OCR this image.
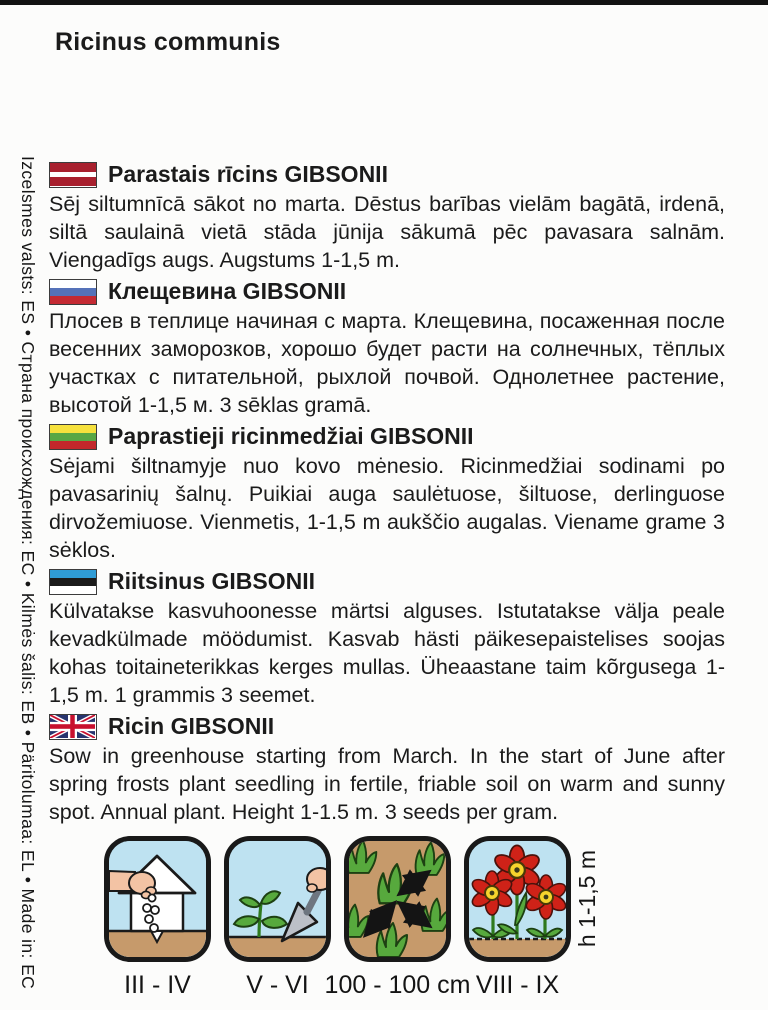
Ricinus communis
Izcelsmes valsts: ES • Страна происхождения: EC • Kilmės šalis: EB • Päritolumaa: EL • Made in: EC	Parastais rīcins GIBSONII

Sēj siltumnīcā sākot no marta. Dēstus barības vielām bagātā, irdenā, siltā saulainā vietā stāda jūnija sākumā pēc pavasara salnām. Viengadīgs augs. Augstums 1-1,5 m.

Клещевина GIBSONII

Плосев в теплице начиная с марта. Клещевина, посаженная после весенних заморозков, хорошо будет расти на солнечных, тёплых участках с питательной, рыхлой почвой. Однолетнее растение, высотой 1-1,5 м. 3 sēklas gramā.

Paprastieji ricinmedžiai GIBSONII

Sėjami šiltnamyje nuo kovo mėnesio. Ricinmedžiai sodinami po pavasarinių šalnų. Puikiai auga saulėtuose, šiltuose, derlinguose dirvožemiuose. Vienmetis, 1-1,5 m aukščio augalas. Viename grame 3 sėklos.

Riitsinus GIBSONII

Külvatakse kasvuhoonesse märtsi alguses. Istutatakse välja peale kevadkülmade möödumist. Kasvab hästi päikesepaistelises soojas kohas toitaineterikkas kerges mullas. Üheaastane taim kõrgusega 1-1,5 m. 1 grammis 3 seemet.

Ricin GIBSONII

Sow in greenhouse starting from March. In the start of June after spring frosts plant seedling in fertile, friable soil on warm and sunny spot. Annual plant. Height 1-1.5 m. 3 seeds per gram.

III - IV V - VI 100 - 100 cm VIII - IX
h 1-1,5 m
